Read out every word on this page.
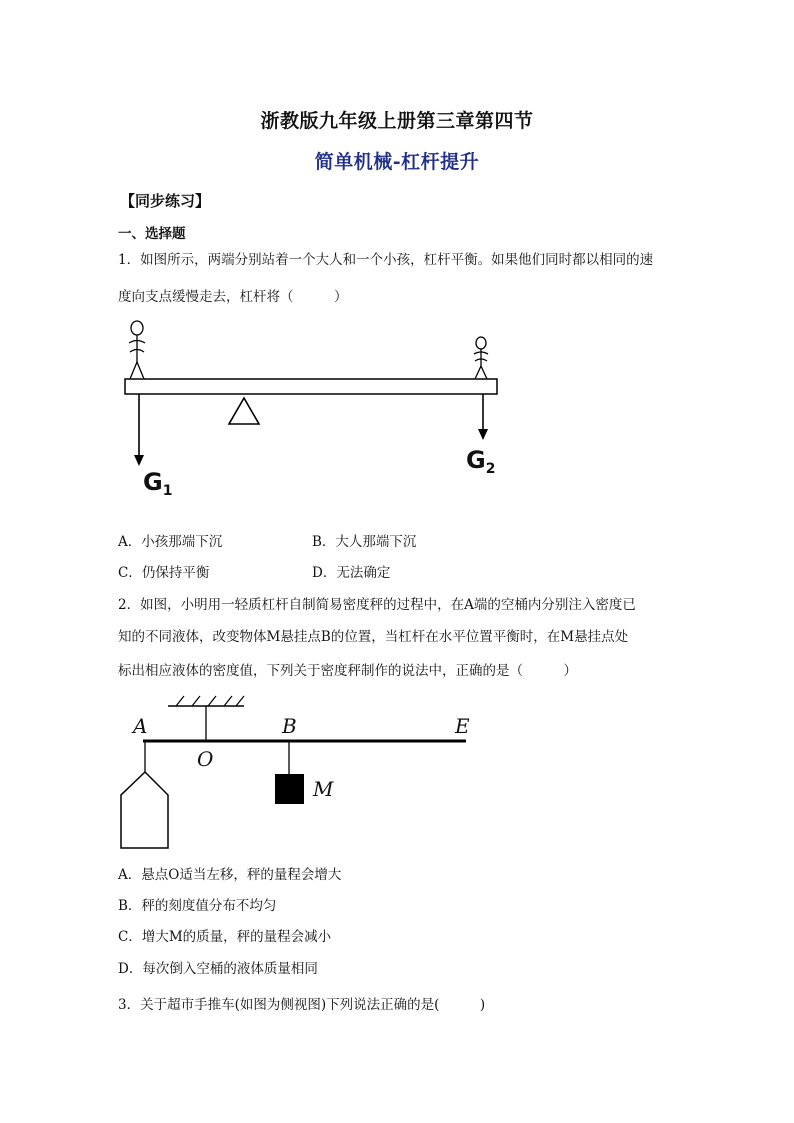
浙教版九年级上册第三章第四节
简单机械-杠杆提升
【同步练习】
一、选择题
1．如图所示，两端分别站着一个大人和一个小孩，杠杆平衡。如果他们同时都以相同的速
度向支点缓慢走去，杠杆将（　　　）
$G_1$
$G_2$
A．小孩那端下沉	B．大人那端下沉
C．仍保持平衡	D．无法确定
2．如图，小明用一轻质杠杆自制简易密度秤的过程中，在A端的空桶内分别注入密度已
知的不同液体，改变物体M悬挂点B的位置，当杠杆在水平位置平衡时，在M悬挂点处
标出相应液体的密度值，下列关于密度秤制作的说法中，正确的是（　　　）
A	B	E
O
M
A．悬点O适当左移，秤的量程会增大
B．秤的刻度值分布不均匀
C．增大M的质量，秤的量程会减小
D．每次倒入空桶的液体质量相同
3．关于超市手推车(如图为侧视图)下列说法正确的是(　　　)
